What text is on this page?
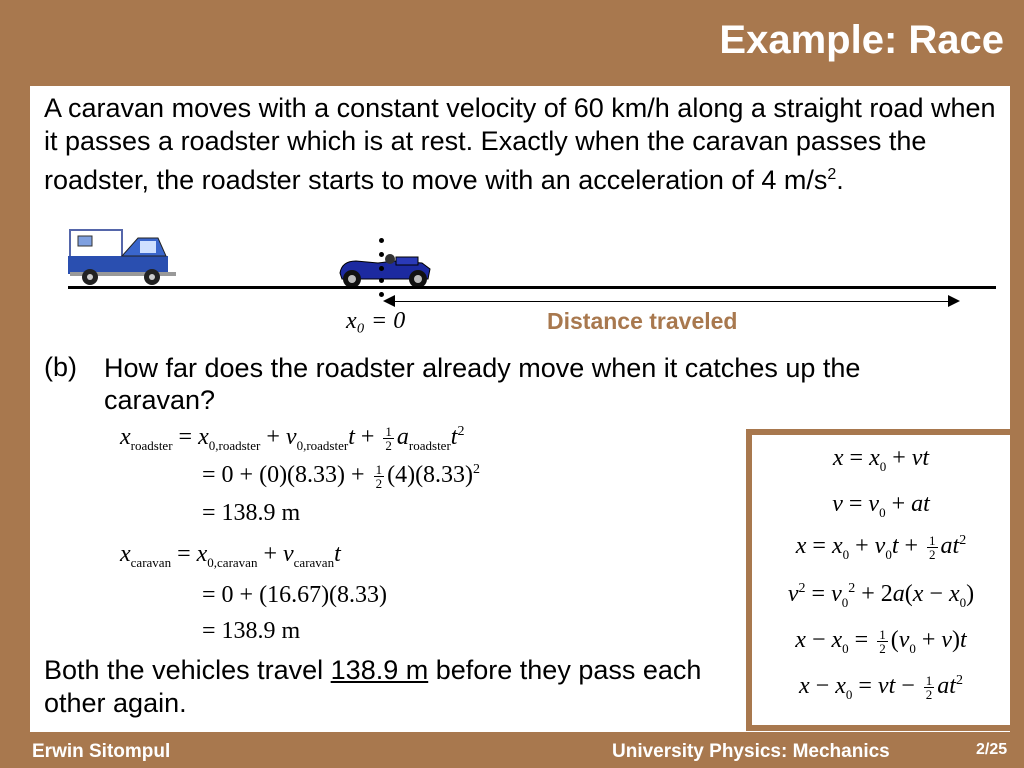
Example: Race
A caravan moves with a constant velocity of 60 km/h along a straight road when it passes a roadster which is at rest. Exactly when the caravan passes the roadster, the roadster starts to move with an acceleration of 4 $m/s^2$.
x₀ = 0	Distance traveled
(b) How far does the roadster already move when it catches up the caravan?
$x_{roadster} = x_{0,roadster} + v_{0,roadster}t + \frac{1}{2} a_{roadster}t^2$
= $0 + (0)(8.33) + \frac{1}{2} (4)(8.33)^2$
= 138.9 m
$x_{caravan} = x_{0,caravan} + v_{caravan}t$
= 0 + (16.67)(8.33)
= 138.9 m
Both the vehicles travel 138.9 m before they pass each other again.
$x = x_0$ + vt
$v = v_0$ + at
$x = x_0 + v_0t + \frac{1}{2} at^2$
$v^2 = v_0^2 + 2a(x - x_0)$
$x - x_0 = \frac{1}{2} (v_0 + v)t$
$x - x_0$ = vt − $\frac{1}{2} at^2$
Erwin Sitompul	University Physics: Mechanics	2/25
